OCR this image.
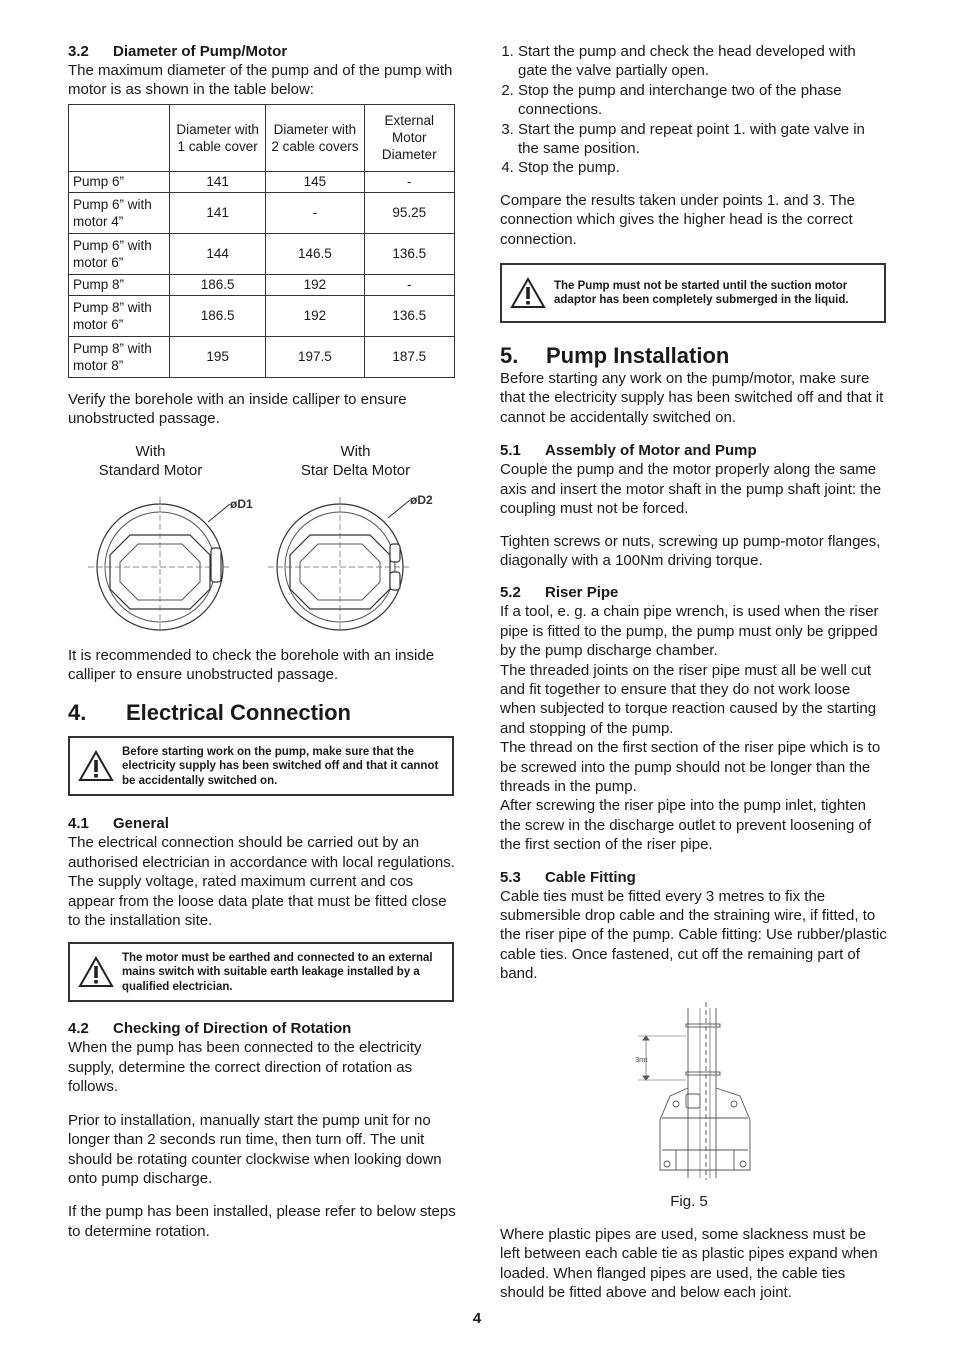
3.2 Diameter of Pump/Motor

The maximum diameter of the pump and of the pump with motor is as shown in the table below:

	Diameter with 1 cable cover	Diameter with 2 cable covers	External Motor Diameter
Pump 6”	141	145	-
Pump 6” with motor 4”	141	-	95.25
Pump 6” with motor 6”	144	146.5	136.5
Pump 8”	186.5	192	-
Pump 8” with motor 6”	186.5	192	136.5
Pump 8” with motor 8”	195	197.5	187.5

Verify the borehole with an inside calliper to ensure unobstructed passage.

With
Standard Motor
With
Star Delta Motor
øD1	øD2

It is recommended to check the borehole with an inside calliper to ensure unobstructed passage.

4. Electrical Connection
Before starting work on the pump, make sure that the electricity supply has been switched off and that it cannot be accidentally switched on.
4.1 General

The electrical connection should be carried out by an authorised electrician in accordance with local regulations. The supply voltage, rated maximum current and cos  appear from the loose data plate that must be fitted close to the installation site.

The motor must be earthed and connected to an external mains switch with suitable earth leakage installed by a qualified electrician.
4.2 Checking of Direction of Rotation

When the pump has been connected to the electricity supply, determine the correct direction of rotation as follows.

Prior to installation, manually start the pump unit for no longer than 2 seconds run time, then turn off. The unit should be rotating counter clockwise when looking down onto pump discharge.

If the pump has been installed, please refer to below steps to determine rotation.

1. Start the pump and check the head developed with gate the valve partially open.
2. Stop the pump and interchange two of the phase connections.
3. Start the pump and repeat point 1. with gate valve in the same position.
4. Stop the pump.

Compare the results taken under points 1. and 3. The connection which gives the higher head is the correct connection.

The Pump must not be started until the suction motor adaptor has been completely submerged in the liquid.
5. Pump Installation

Before starting any work on the pump/motor, make sure that the electricity supply has been switched off and that it cannot be accidentally switched on.

5.1 Assembly of Motor and Pump

Couple the pump and the motor properly along the same axis and insert the motor shaft in the pump shaft joint: the coupling must not be forced.

Tighten screws or nuts, screwing up pump-motor flanges, diagonally with a 100Nm driving torque.

5.2 Riser Pipe

If a tool, e. g. a chain pipe wrench, is used when the riser pipe is fitted to the pump, the pump must only be gripped by the pump discharge chamber.
The threaded joints on the riser pipe must all be well cut and fit together to ensure that they do not work loose when subjected to torque reaction caused by the starting and stopping of the pump.
The thread on the first section of the riser pipe which is to be screwed into the pump should not be longer than the threads in the pump.
After screwing the riser pipe into the pump inlet, tighten the screw in the discharge outlet to prevent loosening of the first section of the riser pipe.

5.3 Cable Fitting

Cable ties must be fitted every 3 metres to fix the submersible drop cable and the straining wire, if fitted, to the riser pipe of the pump. Cable fitting: Use rubber/plastic cable ties. Once fastened, cut off the remaining part of band.

3mt
Fig. 5

Where plastic pipes are used, some slackness must be left between each cable tie as plastic pipes expand when loaded. When flanged pipes are used, the cable ties should be fitted above and below each joint.

4
